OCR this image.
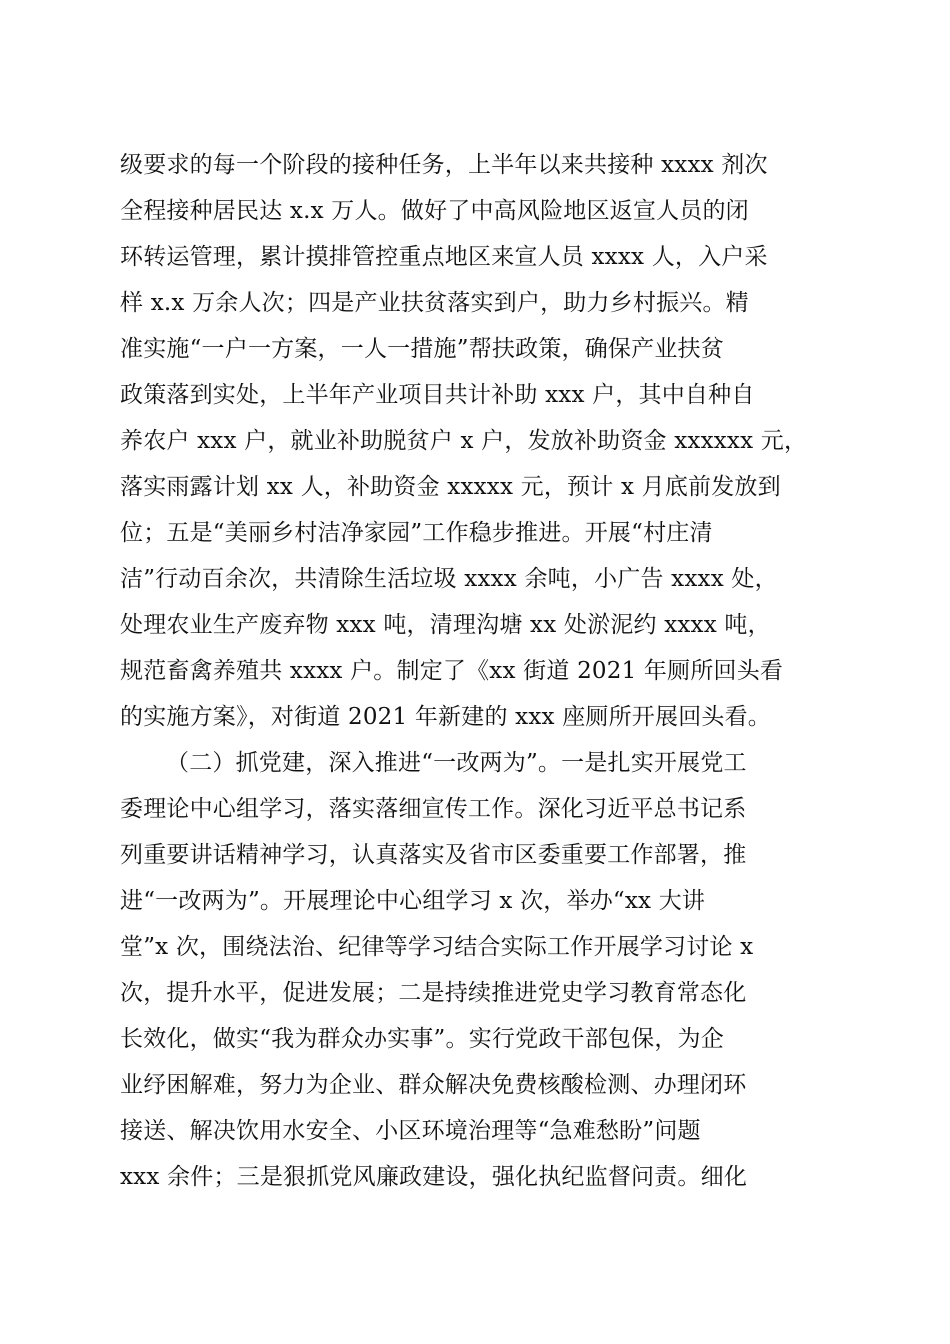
级要求的每一个阶段的接种任务，上半年以来共接种 xxxx 剂次
全程接种居民达 x.x 万人。做好了中高风险地区返宣人员的闭
环转运管理，累计摸排管控重点地区来宣人员 xxxx 人，入户采
样 x.x 万余人次；四是产业扶贫落实到户，助力乡村振兴。精
准实施“一户一方案，一人一措施”帮扶政策，确保产业扶贫
政策落到实处，上半年产业项目共计补助 xxx 户，其中自种自
养农户 xxx 户，就业补助脱贫户 x 户，发放补助资金 xxxxxx 元，
落实雨露计划 xx 人，补助资金 xxxxx 元，预计 x 月底前发放到
位；五是“美丽乡村洁净家园”工作稳步推进。开展“村庄清
洁”行动百余次，共清除生活垃圾 xxxx 余吨，小广告 xxxx 处，
处理农业生产废弃物 xxx 吨，清理沟塘 xx 处淤泥约 xxxx 吨，
规范畜禽养殖共 xxxx 户。制定了《xx 街道 2021 年厕所回头看
的实施方案》，对街道 2021 年新建的 xxx 座厕所开展回头看。
（二）抓党建，深入推进“一改两为”。一是扎实开展党工
委理论中心组学习，落实落细宣传工作。深化习近平总书记系
列重要讲话精神学习，认真落实及省市区委重要工作部署，推
进“一改两为”。开展理论中心组学习 x 次，举办“xx 大讲
堂”x 次，围绕法治、纪律等学习结合实际工作开展学习讨论 x
次，提升水平，促进发展；二是持续推进党史学习教育常态化
长效化，做实“我为群众办实事”。实行党政干部包保，为企
业纾困解难，努力为企业、群众解决免费核酸检测、办理闭环
接送、解决饮用水安全、小区环境治理等“急难愁盼”问题
xxx 余件；三是狠抓党风廉政建设，强化执纪监督问责。细化
